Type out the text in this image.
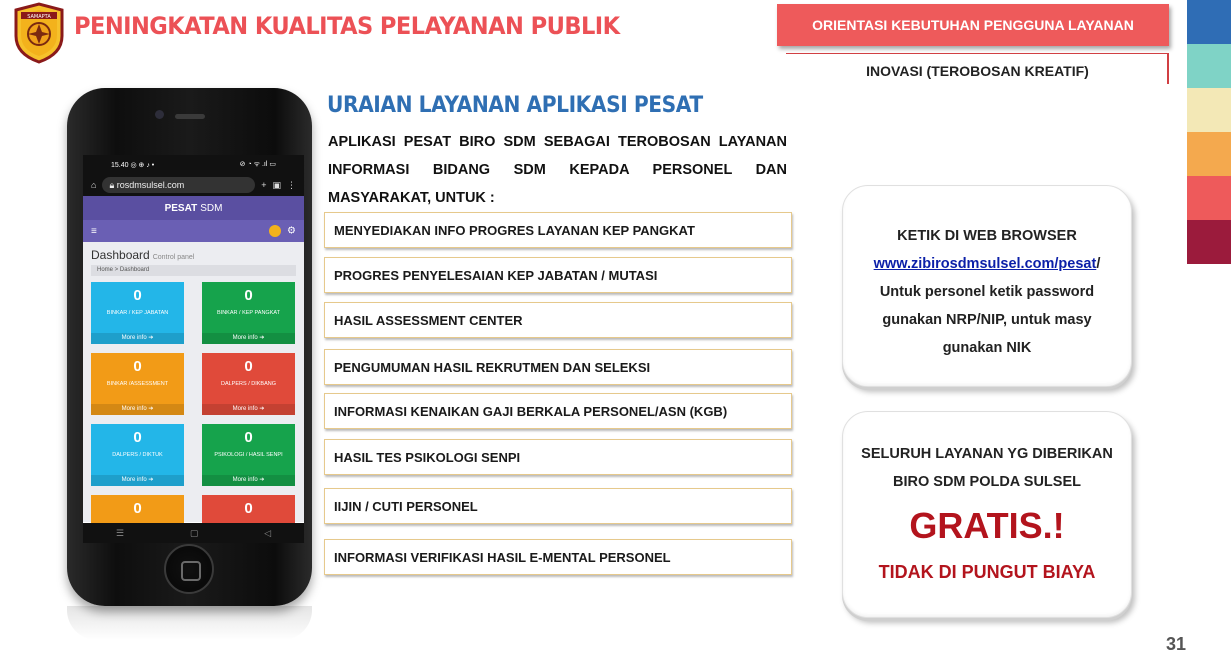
SAMAPTA PENINGKATAN KUALITAS PELAYANAN PUBLIK	ORIENTASI KEBUTUHAN PENGGUNA LAYANAN
INOVASI (TEROBOSAN KREATIF)
15.40 ◎ ⊕ ♪ •	⊘ ◔ ᯤ .ıl ▭
⌂ 🔒︎
rosdmsulsel.com	+ ▣ ⋮
PESAT SDM
≡	⚙
Dashboard Control panel
Home > Dashboard
0
BINKAR / KEP JABATAN
More info ➔
0
BINKAR / KEP PANGKAT
More info ➔
0
BINKAR /ASSESSMENT
More info ➔
0
DALPERS / DIKBANG
More info ➔
0
DALPERS / DIKTUK
More info ➔
0
PSIKOLOGI / HASIL SENPI
More info ➔
0	0
☰	▢	◁
URAIAN LAYANAN APLIKASI PESAT
APLIKASI PESAT BIRO SDM SEBAGAI TEROBOSAN LAYANAN INFORMASI BIDANG SDM KEPADA PERSONEL DAN MASYARAKAT, UNTUK :
MENYEDIAKAN INFO PROGRES LAYANAN KEP PANGKAT
PROGRES PENYELESAIAN KEP JABATAN / MUTASI
HASIL ASSESSMENT CENTER
PENGUMUMAN HASIL REKRUTMEN DAN SELEKSI
INFORMASI KENAIKAN GAJI BERKALA PERSONEL/ASN (KGB)
HASIL TES PSIKOLOGI SENPI
IIJIN / CUTI PERSONEL
INFORMASI VERIFIKASI HASIL E-MENTAL PERSONEL
KETIK DI WEB BROWSER
www.zibirosdmsulsel.com/pesat/
Untuk personel ketik password
gunakan NRP/NIP, untuk masy
gunakan NIK
SELURUH LAYANAN YG DIBERIKAN
BIRO SDM POLDA SULSEL
GRATIS.!
TIDAK DI PUNGUT BIAYA
31
